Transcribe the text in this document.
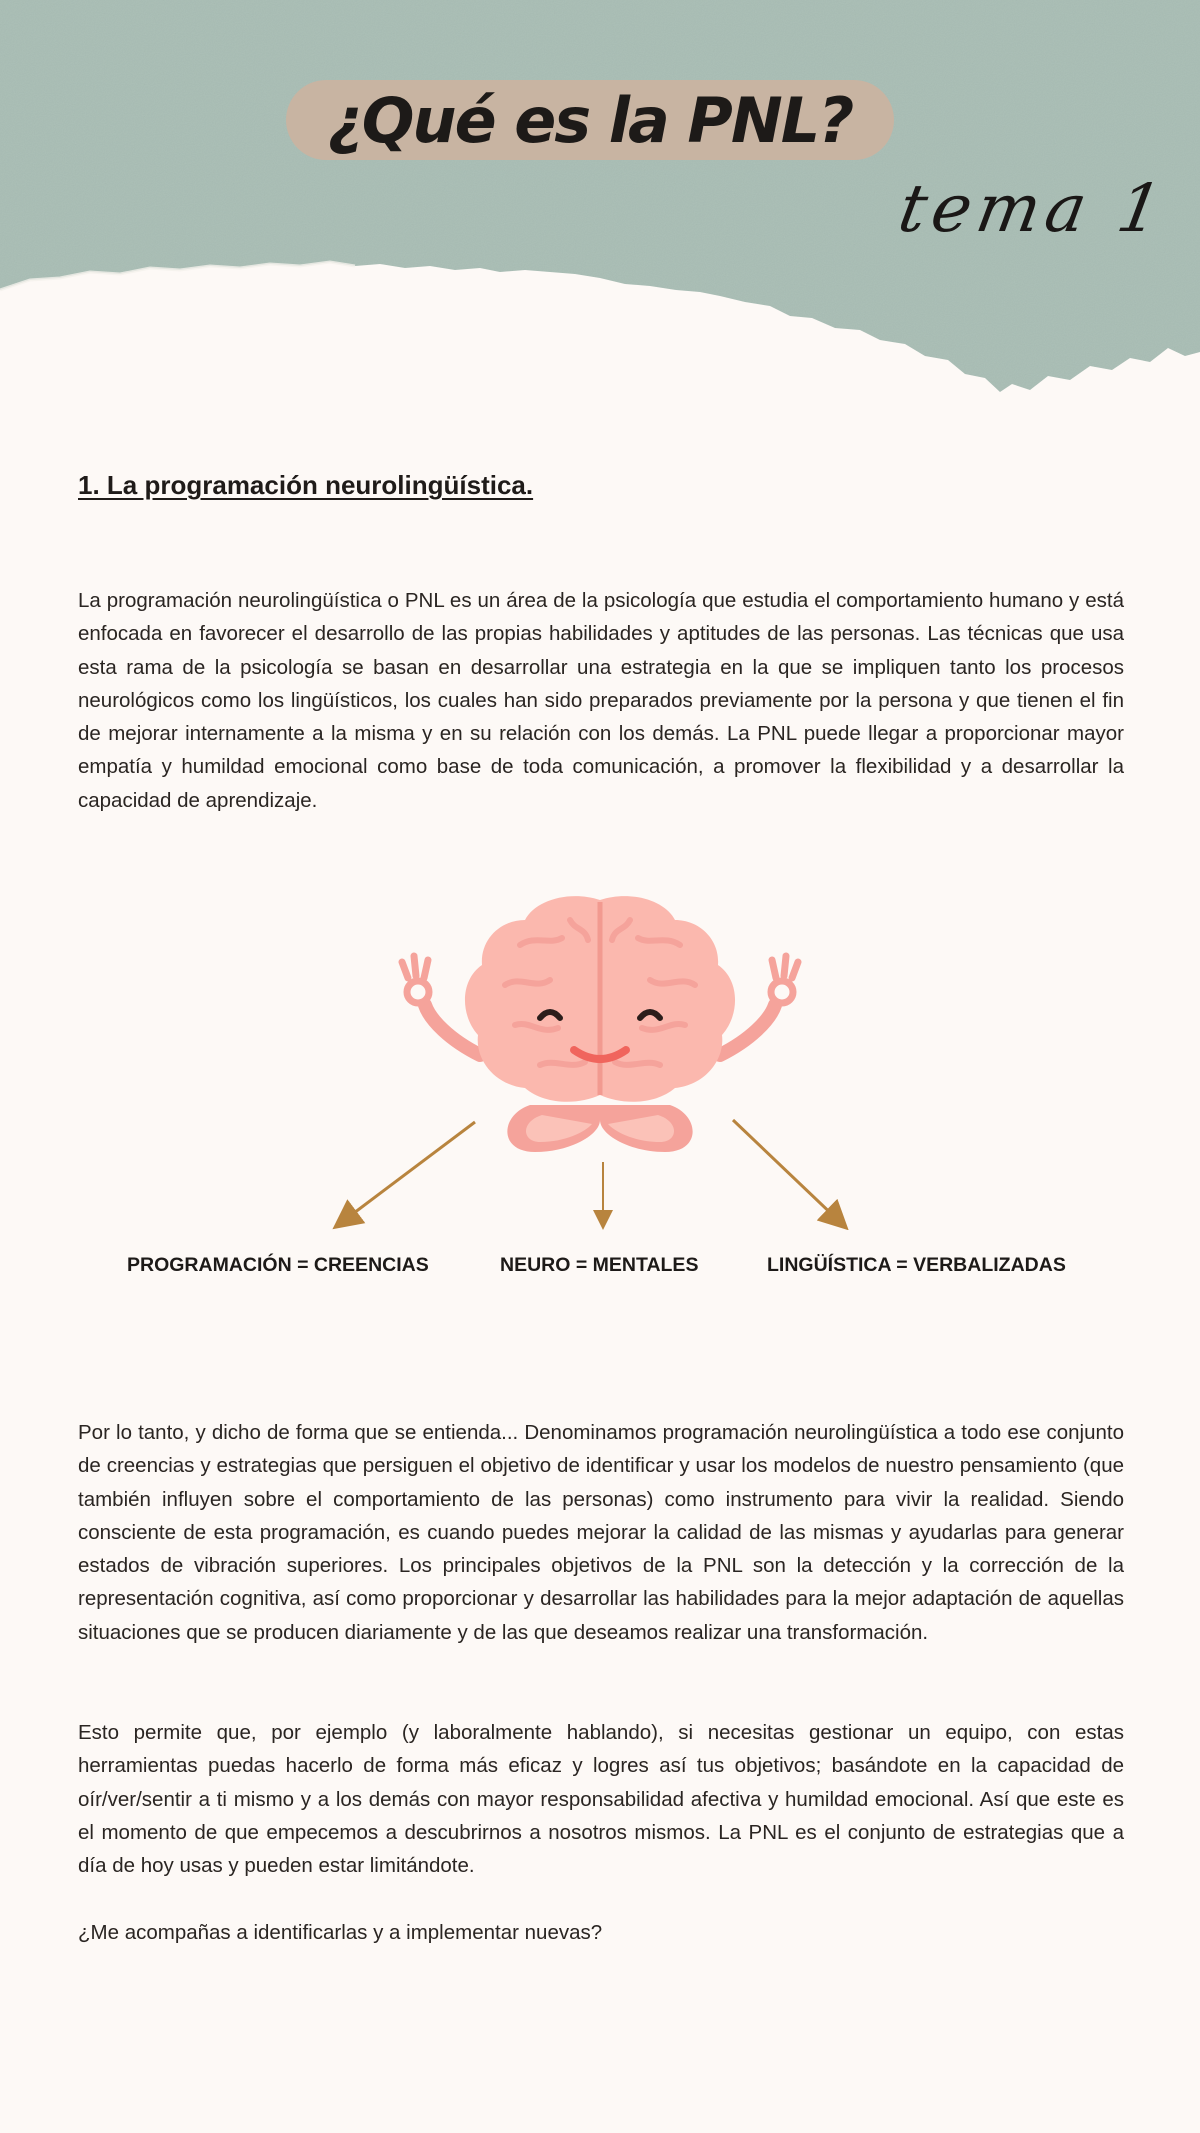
¿Qué es la PNL?
tema 1
1. La programación neurolingüística.

La programación neurolingüística o PNL es un área de la psicología que estudia el comportamiento humano y está enfocada en favorecer el desarrollo de las propias habilidades y aptitudes de las personas. Las técnicas que usa esta rama de la psicología se basan en desarrollar una estrategia en la que se impliquen tanto los procesos neurológicos como los lingüísticos, los cuales han sido preparados previamente por la persona y que tienen el fin de mejorar internamente a la misma y en su relación con los demás. La PNL puede llegar a proporcionar mayor empatía y humildad emocional como base de toda comunicación, a promover la flexibilidad y a desarrollar la capacidad de aprendizaje.

PROGRAMACIÓN = CREENCIAS	NEURO = MENTALES	LINGÜÍSTICA = VERBALIZADAS

Por lo tanto, y dicho de forma que se entienda... Denominamos programación neurolingüística a todo ese conjunto de creencias y estrategias que persiguen el objetivo de identificar y usar los modelos de nuestro pensamiento (que también influyen sobre el comportamiento de las personas) como instrumento para vivir la realidad. Siendo consciente de esta programación, es cuando puedes mejorar la calidad de las mismas y ayudarlas para generar estados de vibración superiores. Los principales objetivos de la PNL son la detección y la corrección de la representación cognitiva, así como proporcionar y desarrollar las habilidades para la mejor adaptación de aquellas situaciones que se producen diariamente y de las que deseamos realizar una transformación.

Esto permite que, por ejemplo (y laboralmente hablando), si necesitas gestionar un equipo, con estas herramientas puedas hacerlo de forma más eficaz y logres así tus objetivos; basándote en la capacidad de oír/ver/sentir a ti mismo y a los demás con mayor responsabilidad afectiva y humildad emocional. Así que este es el momento de que empecemos a descubrirnos a nosotros mismos. La PNL es el conjunto de estrategias que a día de hoy usas y pueden estar limitándote.

¿Me acompañas a identificarlas y a implementar nuevas?
